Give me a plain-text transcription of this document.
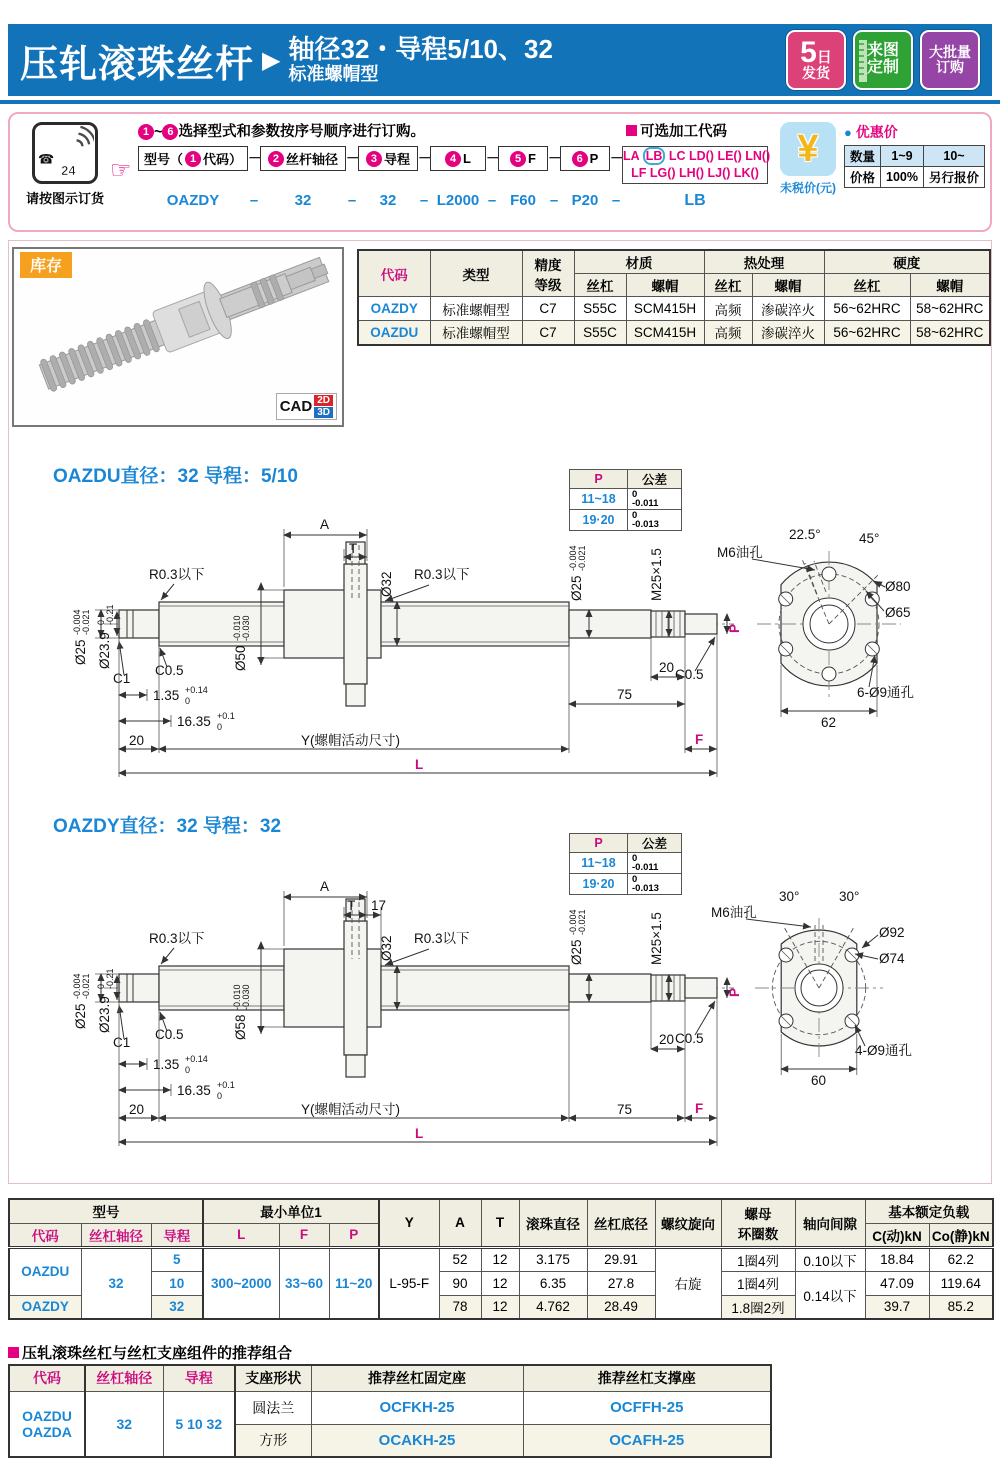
压轧滚珠丝杆 ▶ 轴径32・导程5/10、32
标准螺帽型
5日
发货
来图
定制
大批量
订购
☎
24
请按图示订货
☞
1 ~ 6 选择型式和参数按序号顺序进行订购。	可选加工代码
型号（ 1 代码） － 2 丝杆轴径 － 3 导程 －	4 L －	5 F －	6 P － LA LB LC LD() LE() LN()
LF LG() LH() LJ() LK()
OAZDY	–	32	–	32	– L2000 – F60 – P20 –	LB
¥
未税价(元)
● 优惠价
数量	1~9	10~
价格	100%	另行报价
库存
CAD 2D
3D
代码	类型	精度
等级	材质		热处理		硬度	
			丝杠	螺帽	丝杠	螺帽	丝杠	螺帽
OAZDY	标准螺帽型	C7	S55C	SCM415H	高频	渗碳淬火	56~62HRC	58~62HRC
OAZDU	标准螺帽型	C7	S55C	SCM415H	高频	渗碳淬火	56~62HRC	58~62HRC
OAZDU直径：32 导程：5/10	P	公差
11~18	0
-0.011

19·20	0
-0.013
A
T
Ø25
-0.004 -0.021
Ø23.9
0 -0.21
R0.3以下
Ø50
-0.010 -0.030
Ø32 R0.3以下
Ø25
-0.004 -0.021	M25×1.5
C1
C0.5	C0.5
1.35 +0.14
0
16.35 +0.1
0
20	Y(螺帽活动尺寸)
75
20
F
L
P
M6油孔
22.5°	45°
Ø80
Ø65
6-Ø9通孔
62
OAZDY直径：32 导程：32
P	公差
11~18	0
-0.011

19·20	0
-0.013
A
T 17
Ø25
-0.004 -0.021
Ø23.9
0 -0.21
R0.3以下
Ø58
-0.010 -0.030
Ø32 R0.3以下
Ø25
-0.004 -0.021	M25×1.5
C1
C0.5	C0.5
1.35 +0.14
0
16.35 +0.1
0
20	Y(螺帽活动尺寸)	75
20
F
L
P
M6油孔
30°	30°
Ø92
Ø74
4-Ø9通孔
60
型号			最小单位1			Y	A	T	滚珠直径	丝杠底径	螺纹旋向	螺母
环圈数	轴向间隙	基本额定负载	
代码	丝杠轴径	导程	L	F	P									C(动)kN	Co(静)kN
OAZDU	32	5	300~2000	33~60	11~20	L-95-F	52	12	3.175	29.91	右旋	1圈4列	0.10以下	18.84	62.2
		10					90	12	6.35	27.8		1圈4列	0.14以下	47.09	119.64
OAZDY		32					78	12	4.762	28.49		1.8圈2列		39.7	85.2
压轧滚珠丝杠与丝杠支座组件的推荐组合
代码	丝杠轴径	导程	支座形状	推荐丝杠固定座	推荐丝杠支撑座

OAZDU
OAZDA	32	5 10 32	圆法兰	OCFKH-25	OCFFH-25
			方形	OCAKH-25	OCAFH-25
